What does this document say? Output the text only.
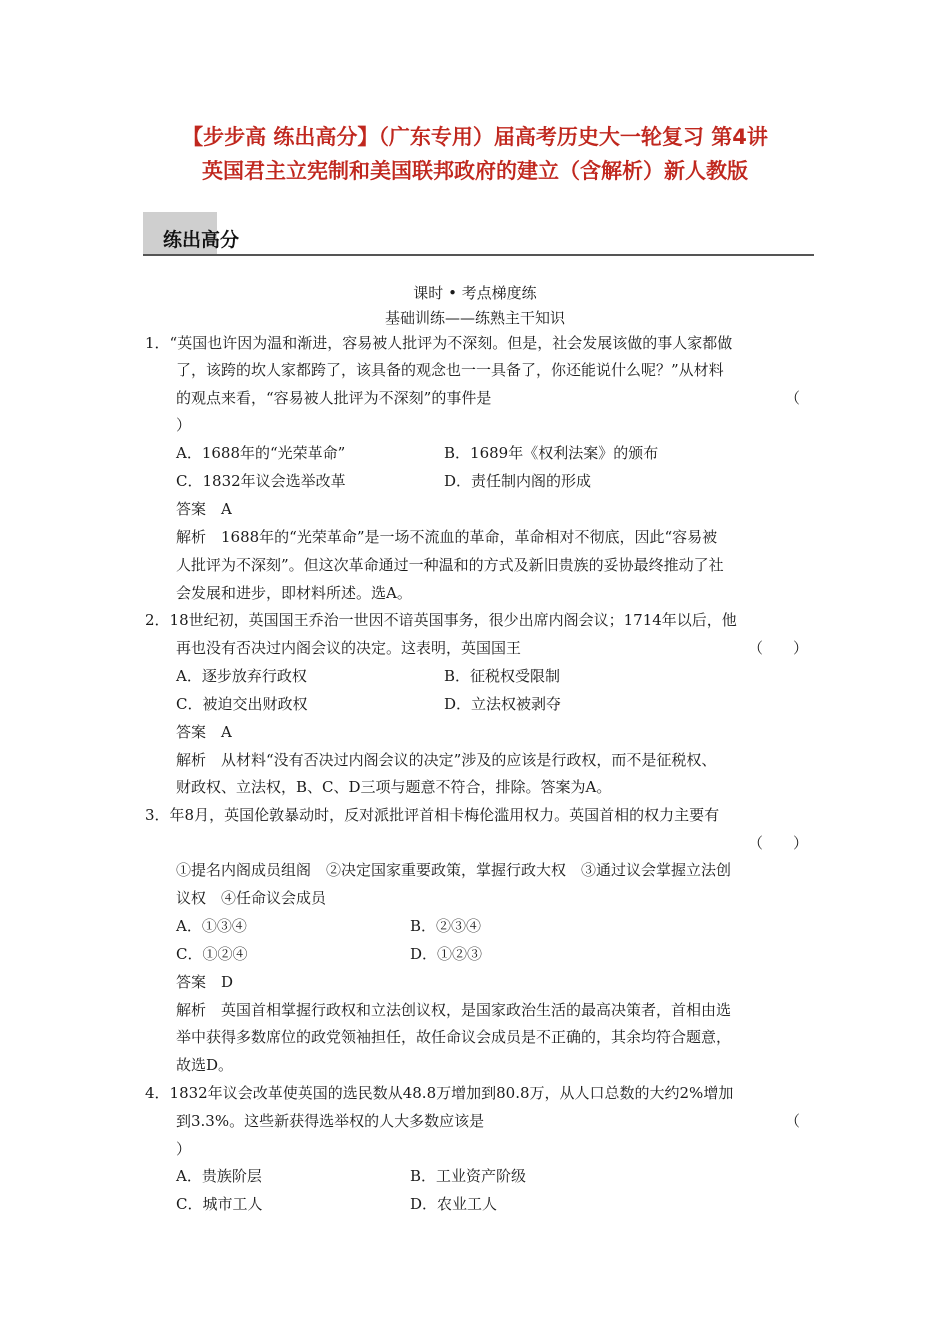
【步步高 练出高分】（广东专用）届高考历史大一轮复习 第4讲
英国君主立宪制和美国联邦政府的建立（含解析）新人教版
练出高分
课时 • 考点梯度练
基础训练——练熟主干知识
1．“英国也许因为温和渐进，容易被人批评为不深刻。但是，社会发展该做的事人家都做
了，该跨的坎人家都跨了，该具备的观念也一一具备了，你还能说什么呢？”从材料
的观点来看，“容易被人批评为不深刻”的事件是	（
）
A．1688年的“光荣革命”	B．1689年《权利法案》的颁布
C．1832年议会选举改革	D．责任制内阁的形成
答案　A
解析　1688年的“光荣革命”是一场不流血的革命，革命相对不彻底，因此“容易被
人批评为不深刻”。但这次革命通过一种温和的方式及新旧贵族的妥协最终推动了社
会发展和进步，即材料所述。选A。
2．18世纪初，英国国王乔治一世因不谙英国事务，很少出席内阁会议；1714年以后，他
再也没有否决过内阁会议的决定。这表明，英国国王	（　　）
A．逐步放弃行政权	B．征税权受限制
C．被迫交出财政权	D．立法权被剥夺
答案　A
解析　从材料“没有否决过内阁会议的决定”涉及的应该是行政权，而不是征税权、
财政权、立法权，B、C、D三项与题意不符合，排除。答案为A。
3．年8月，英国伦敦暴动时，反对派批评首相卡梅伦滥用权力。英国首相的权力主要有
（　　）
①提名内阁成员组阁　②决定国家重要政策，掌握行政大权　③通过议会掌握立法创
议权　④任命议会成员
A．①③④	B．②③④
C．①②④	D．①②③
答案　D
解析　英国首相掌握行政权和立法创议权，是国家政治生活的最高决策者，首相由选
举中获得多数席位的政党领袖担任，故任命议会成员是不正确的，其余均符合题意，
故选D。
4．1832年议会改革使英国的选民数从48.8万增加到80.8万，从人口总数的大约2%增加
到3.3%。这些新获得选举权的人大多数应该是	（
）
A．贵族阶层	B．工业资产阶级
C．城市工人	D．农业工人
